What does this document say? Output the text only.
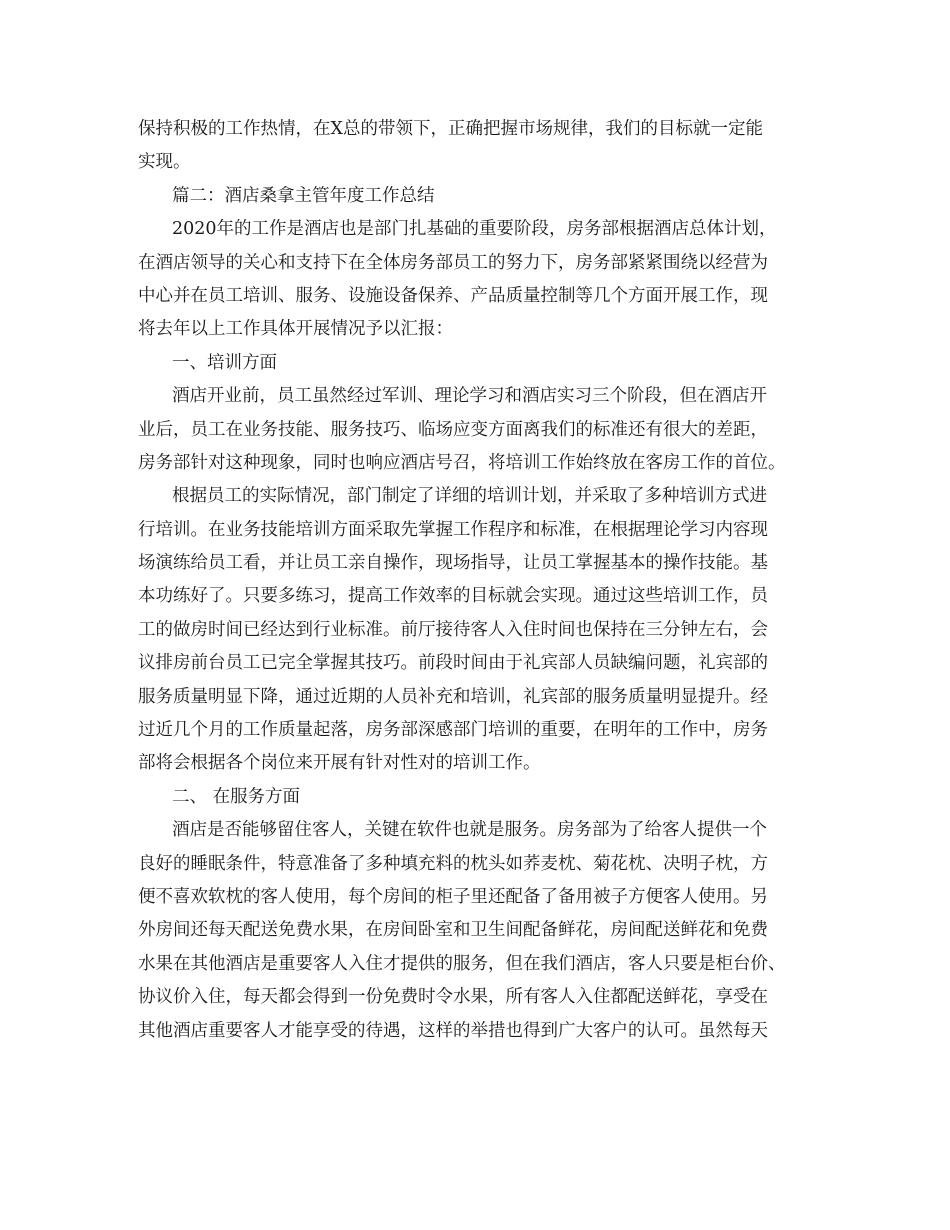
保持积极的工作热情，在X总的带领下，正确把握市场规律，我们的目标就一定能
实现。
篇二：酒店桑拿主管年度工作总结
2020年的工作是酒店也是部门扎基础的重要阶段，房务部根据酒店总体计划，
在酒店领导的关心和支持下在全体房务部员工的努力下，房务部紧紧围绕以经营为
中心并在员工培训、服务、设施设备保养、产品质量控制等几个方面开展工作，现
将去年以上工作具体开展情况予以汇报：
一、培训方面
酒店开业前，员工虽然经过军训、理论学习和酒店实习三个阶段，但在酒店开
业后，员工在业务技能、服务技巧、临场应变方面离我们的标准还有很大的差距，
房务部针对这种现象，同时也响应酒店号召，将培训工作始终放在客房工作的首位。
根据员工的实际情况，部门制定了详细的培训计划，并采取了多种培训方式进
行培训。在业务技能培训方面采取先掌握工作程序和标准，在根据理论学习内容现
场演练给员工看，并让员工亲自操作，现场指导，让员工掌握基本的操作技能。基
本功练好了。只要多练习，提高工作效率的目标就会实现。通过这些培训工作，员
工的做房时间已经达到行业标准。前厅接待客人入住时间也保持在三分钟左右，会
议排房前台员工已完全掌握其技巧。前段时间由于礼宾部人员缺编问题，礼宾部的
服务质量明显下降，通过近期的人员补充和培训，礼宾部的服务质量明显提升。经
过近几个月的工作质量起落，房务部深感部门培训的重要，在明年的工作中，房务
部将会根据各个岗位来开展有针对性对的培训工作。
二、 在服务方面
酒店是否能够留住客人，关键在软件也就是服务。房务部为了给客人提供一个
良好的睡眠条件，特意准备了多种填充料的枕头如荞麦枕、菊花枕、决明子枕，方
便不喜欢软枕的客人使用，每个房间的柜子里还配备了备用被子方便客人使用。另
外房间还每天配送免费水果，在房间卧室和卫生间配备鲜花，房间配送鲜花和免费
水果在其他酒店是重要客人入住才提供的服务，但在我们酒店，客人只要是柜台价、
协议价入住，每天都会得到一份免费时令水果，所有客人入住都配送鲜花，享受在
其他酒店重要客人才能享受的待遇，这样的举措也得到广大客户的认可。虽然每天
